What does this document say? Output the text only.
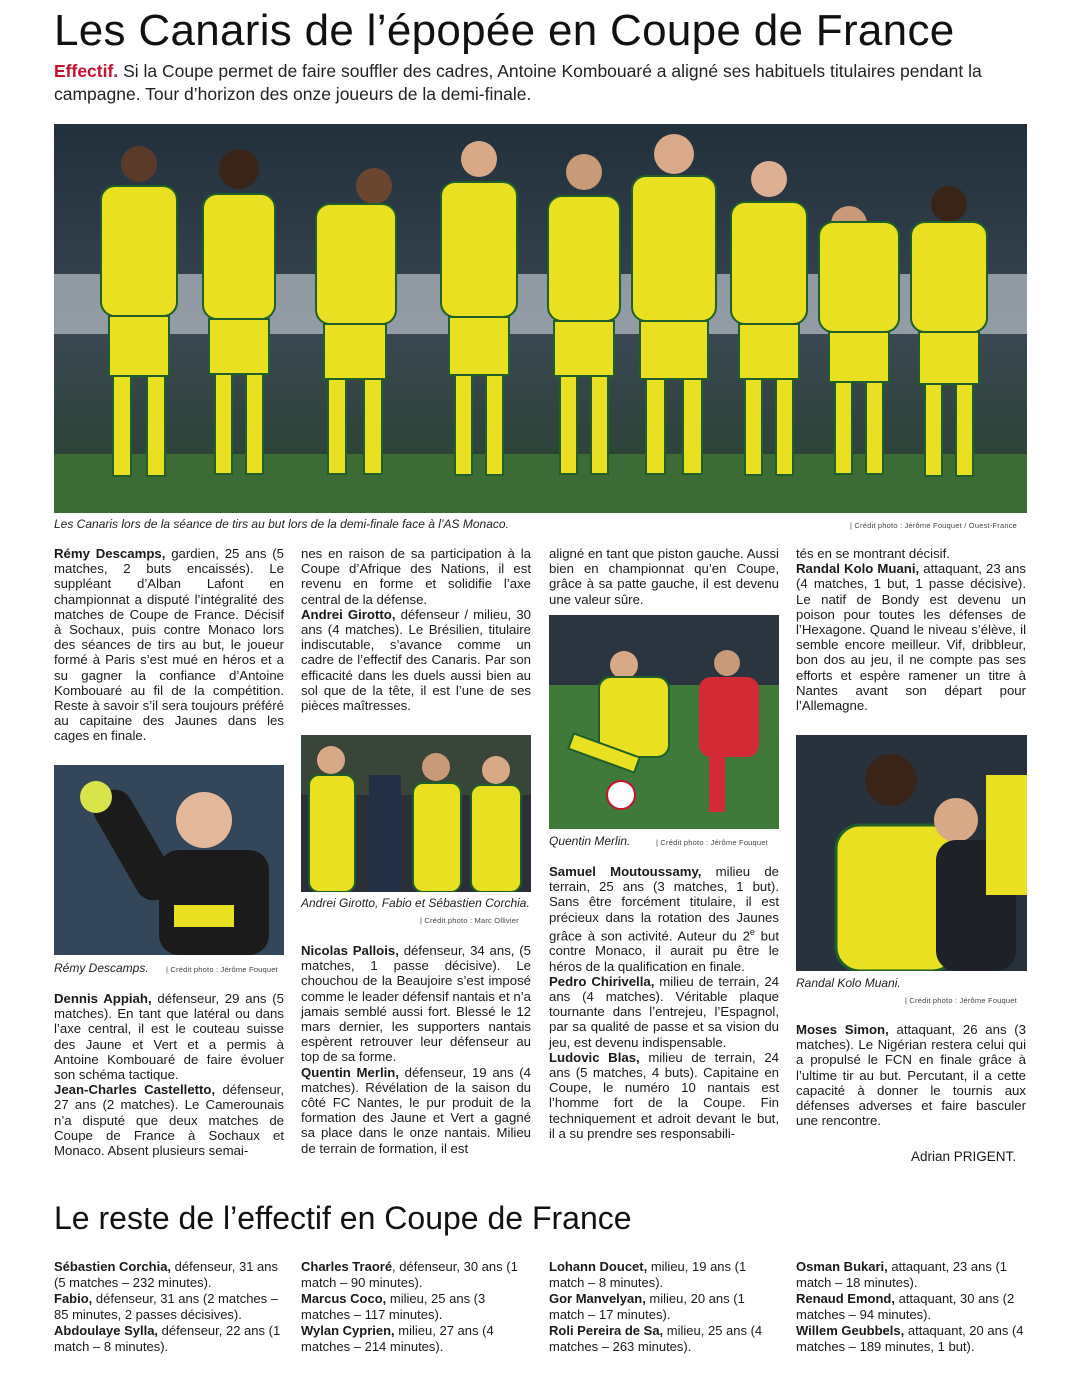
Les Canaris de l’épopée en Coupe de France
Effectif. Si la Coupe permet de faire souffler des cadres, Antoine Kombouaré a aligné ses habituels titulaires pendant la campagne. Tour d’horizon des onze joueurs de la demi-finale.
Les Canaris lors de la séance de tirs au but lors de la demi-finale face à l’AS Monaco.	| Crédit photo : Jérôme Fouquet / Ouest-France

Rémy Descamps, gardien, 25 ans (5 matches, 2 buts encaissés). Le suppléant d’Alban Lafont en championnat a disputé l’intégralité des matches de Coupe de France. Décisif à Sochaux, puis contre Monaco lors des séances de tirs au but, le joueur formé à Paris s’est mué en héros et a su gagner la confiance d’Antoine Kombouaré au fil de la compétition. Reste à savoir s’il sera toujours préféré au capitaine des Jaunes dans les cages en finale.

Rémy Descamps. | Crédit photo : Jérôme Fouquet

Dennis Appiah, défenseur, 29 ans (5 matches). En tant que latéral ou dans l’axe central, il est le couteau suisse des Jaune et Vert et a permis à Antoine Kombouaré de faire évoluer son schéma tactique.

Jean-Charles Castelletto, défenseur, 27 ans (2 matches). Le Camerounais n’a disputé que deux matches de Coupe de France à Sochaux et Monaco. Absent plusieurs semai-

nes en raison de sa participation à la Coupe d’Afrique des Nations, il est revenu en forme et solidifie l’axe central de la défense.

Andrei Girotto, défenseur / milieu, 30 ans (4 matches). Le Brésilien, titulaire indiscutable, s’avance comme un cadre de l’effectif des Canaris. Par son efficacité dans les duels aussi bien au sol que de la tête, il est l’une de ses pièces maîtresses.

Andrei Girotto, Fabio et Sébastien Corchia.
| Crédit photo : Marc Ollivier

Nicolas Pallois, défenseur, 34 ans, (5 matches, 1 passe décisive). Le chouchou de la Beaujoire s’est imposé comme le leader défensif nantais et n’a jamais semblé aussi fort. Blessé le 12 mars dernier, les supporters nantais espèrent retrouver leur défenseur au top de sa forme.

Quentin Merlin, défenseur, 19 ans (4 matches). Révélation de la saison du côté FC Nantes, le pur produit de la formation des Jaune et Vert a gagné sa place dans le onze nantais. Milieu de terrain de formation, il est

aligné en tant que piston gauche. Aussi bien en championnat qu’en Coupe, grâce à sa patte gauche, il est devenu une valeur sûre.

Quentin Merlin.	| Crédit photo : Jérôme Fouquet

Samuel Moutoussamy, milieu de terrain, 25 ans (3 matches, 1 but). Sans être forcément titulaire, il est précieux dans la rotation des Jaunes grâce à son activité. Auteur du 2e but contre Monaco, il aurait pu être le héros de la qualification en finale.

Pedro Chirivella, milieu de terrain, 24 ans (4 matches). Véritable plaque tournante dans l’entrejeu, l’Espagnol, par sa qualité de passe et sa vision du jeu, est devenu indispensable.

Ludovic Blas, milieu de terrain, 24 ans (5 matches, 4 buts). Capitaine en Coupe, le numéro 10 nantais est l’homme fort de la Coupe. Fin techniquement et adroit devant le but, il a su prendre ses responsabili-

tés en se montrant décisif.

Randal Kolo Muani, attaquant, 23 ans (4 matches, 1 but, 1 passe décisive). Le natif de Bondy est devenu un poison pour toutes les défenses de l’Hexagone. Quand le niveau s’élève, il semble encore meilleur. Vif, dribbleur, bon dos au jeu, il ne compte pas ses efforts et espère ramener un titre à Nantes avant son départ pour l’Allemagne.

Randal Kolo Muani.
| Crédit photo : Jérôme Fouquet

Moses Simon, attaquant, 26 ans (3 matches). Le Nigérian restera celui qui a propulsé le FCN en finale grâce à l’ultime tir au but. Percutant, il a cette capacité à donner le tournis aux défenses adverses et faire basculer une rencontre.

Adrian PRIGENT.
Le reste de l’effectif en Coupe de France

Sébastien Corchia, défenseur, 31 ans (5 matches – 232 minutes).

Fabio, défenseur, 31 ans (2 matches – 85 minutes, 2 passes décisives).

Abdoulaye Sylla, défenseur, 22 ans (1 match – 8 minutes).

Charles Traoré, défenseur, 30 ans (1 match – 90 minutes).

Marcus Coco, milieu, 25 ans (3 matches – 117 minutes).

Wylan Cyprien, milieu, 27 ans (4 matches – 214 minutes).

Lohann Doucet, milieu, 19 ans (1 match – 8 minutes).

Gor Manvelyan, milieu, 20 ans (1 match – 17 minutes).

Roli Pereira de Sa, milieu, 25 ans (4 matches – 263 minutes).

Osman Bukari, attaquant, 23 ans (1 match – 18 minutes).

Renaud Emond, attaquant, 30 ans (2 matches – 94 minutes).

Willem Geubbels, attaquant, 20 ans (4 matches – 189 minutes, 1 but).
